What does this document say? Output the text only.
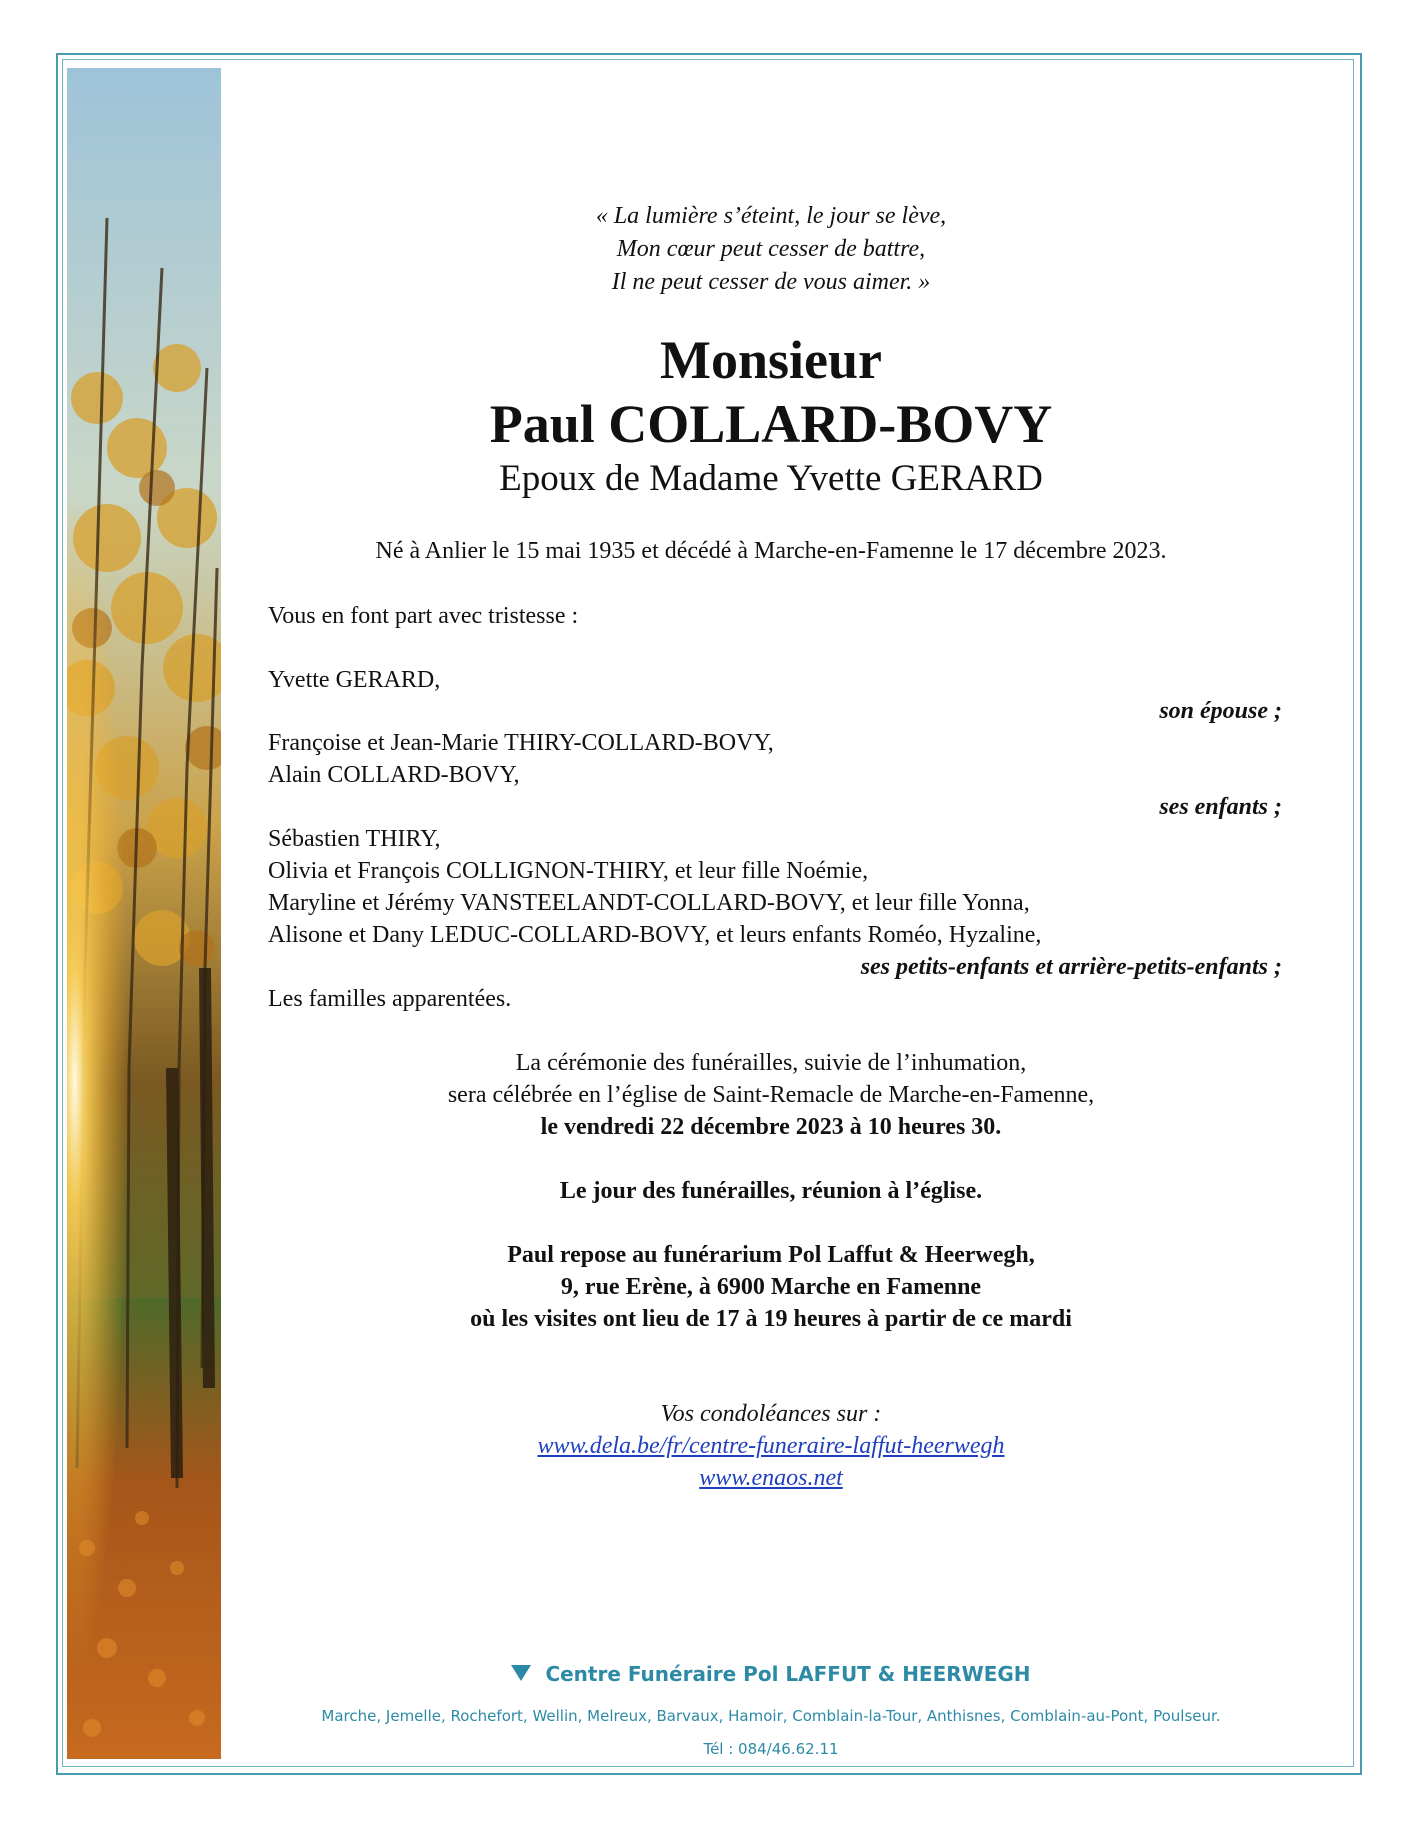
« La lumière s’éteint, le jour se lève,
Mon cœur peut cesser de battre,
Il ne peut cesser de vous aimer. »
Monsieur
Paul COLLARD-BOVY
Epoux de Madame Yvette GERARD
Né à Anlier le 15 mai 1935 et décédé à Marche-en-Famenne le 17 décembre 2023.
Vous en font part avec tristesse :
Yvette GERARD,
son épouse ;
Françoise et Jean-Marie THIRY-COLLARD-BOVY,
Alain COLLARD-BOVY,
ses enfants ;
Sébastien THIRY,
Olivia et François COLLIGNON-THIRY, et leur fille Noémie,
Maryline et Jérémy VANSTEELANDT-COLLARD-BOVY, et leur fille Yonna,
Alisone et Dany LEDUC-COLLARD-BOVY, et leurs enfants Roméo, Hyzaline,
ses petits-enfants et arrière-petits-enfants ;
Les familles apparentées.
La cérémonie des funérailles, suivie de l’inhumation,
sera célébrée en l’église de Saint-Remacle de Marche-en-Famenne,
le vendredi 22 décembre 2023 à 10 heures 30.
Le jour des funérailles, réunion à l’église.
Paul repose au funérarium Pol Laffut & Heerwegh,
9, rue Erène, à 6900 Marche en Famenne
où les visites ont lieu de 17 à 19 heures à partir de ce mardi
Vos condoléances sur :
www.dela.be/fr/centre-funeraire-laffut-heerwegh
www.enaos.net
Centre Funéraire Pol LAFFUT & HEERWEGH
Marche, Jemelle, Rochefort, Wellin, Melreux, Barvaux, Hamoir, Comblain-la-Tour, Anthisnes, Comblain-au-Pont, Poulseur.
Tél : 084/46.62.11
